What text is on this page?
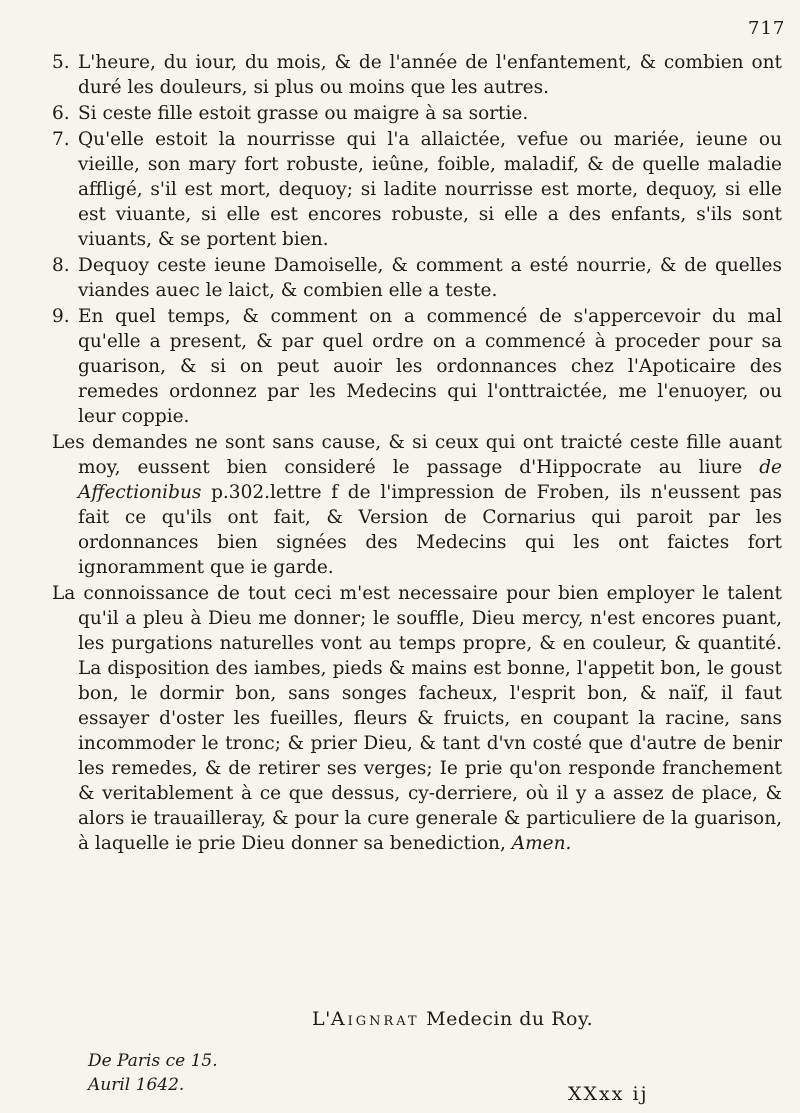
717
5. L'heure, du iour, du mois, & de l'année de l'enfantement, & combien ont duré les douleurs, si plus ou moins que les autres.
6. Si ceste fille estoit grasse ou maigre à sa sortie.
7. Qu'elle estoit la nourrisse qui l'a allaictée, vefue ou mariée, ieune ou vieille, son mary fort robuste, ieûne, foible, maladif, & de quelle maladie affligé, s'il est mort, dequoy; si ladite nourrisse est morte, dequoy, si elle est viuante, si elle est encores robuste, si elle a des enfants, s'ils sont viuants, & se portent bien.
8. Dequoy ceste ieune Damoiselle, & comment a esté nourrie, & de quelles viandes auec le laict, & combien elle a teste.
9. En quel temps, & comment on a commencé de s'appercevoir du mal qu'elle a present, & par quel ordre on a commencé à proceder pour sa guarison, & si on peut auoir les ordonnances chez l'Apoticaire des remedes ordonnez par les Medecins qui l'onttraictée, me l'enuoyer, ou leur coppie.
Les demandes ne sont sans cause, & si ceux qui ont traicté ceste fille auant moy, eussent bien consideré le passage d'Hippocrate au liure de Affectionibus p.302.lettre f de l'impression de Froben, ils n'eussent pas fait ce qu'ils ont fait, & Version de Cornarius qui paroit par les ordonnances bien signées des Medecins qui les ont faictes fort ignoramment que ie garde.
La connoissance de tout ceci m'est necessaire pour bien employer le talent qu'il a pleu à Dieu me donner; le souffle, Dieu mercy, n'est encores puant, les purgations naturelles vont au temps propre, & en couleur, & quantité. La disposition des iambes, pieds & mains est bonne, l'appetit bon, le goust bon, le dormir bon, sans songes facheux, l'esprit bon, & naïf, il faut essayer d'oster les fueilles, fleurs & fruicts, en coupant la racine, sans incommoder le tronc; & prier Dieu, & tant d'vn costé que d'autre de benir les remedes, & de retirer ses verges; Ie prie qu'on responde franchement & veritablement à ce que dessus, cy-derriere, où il y a assez de place, & alors ie trauailleray, & pour la cure generale & particuliere de la guarison, à laquelle ie prie Dieu donner sa benediction, Amen.
L'Aignrat Medecin du Roy.
De Paris ce 15.
Auril 1642.	XXxx ij
